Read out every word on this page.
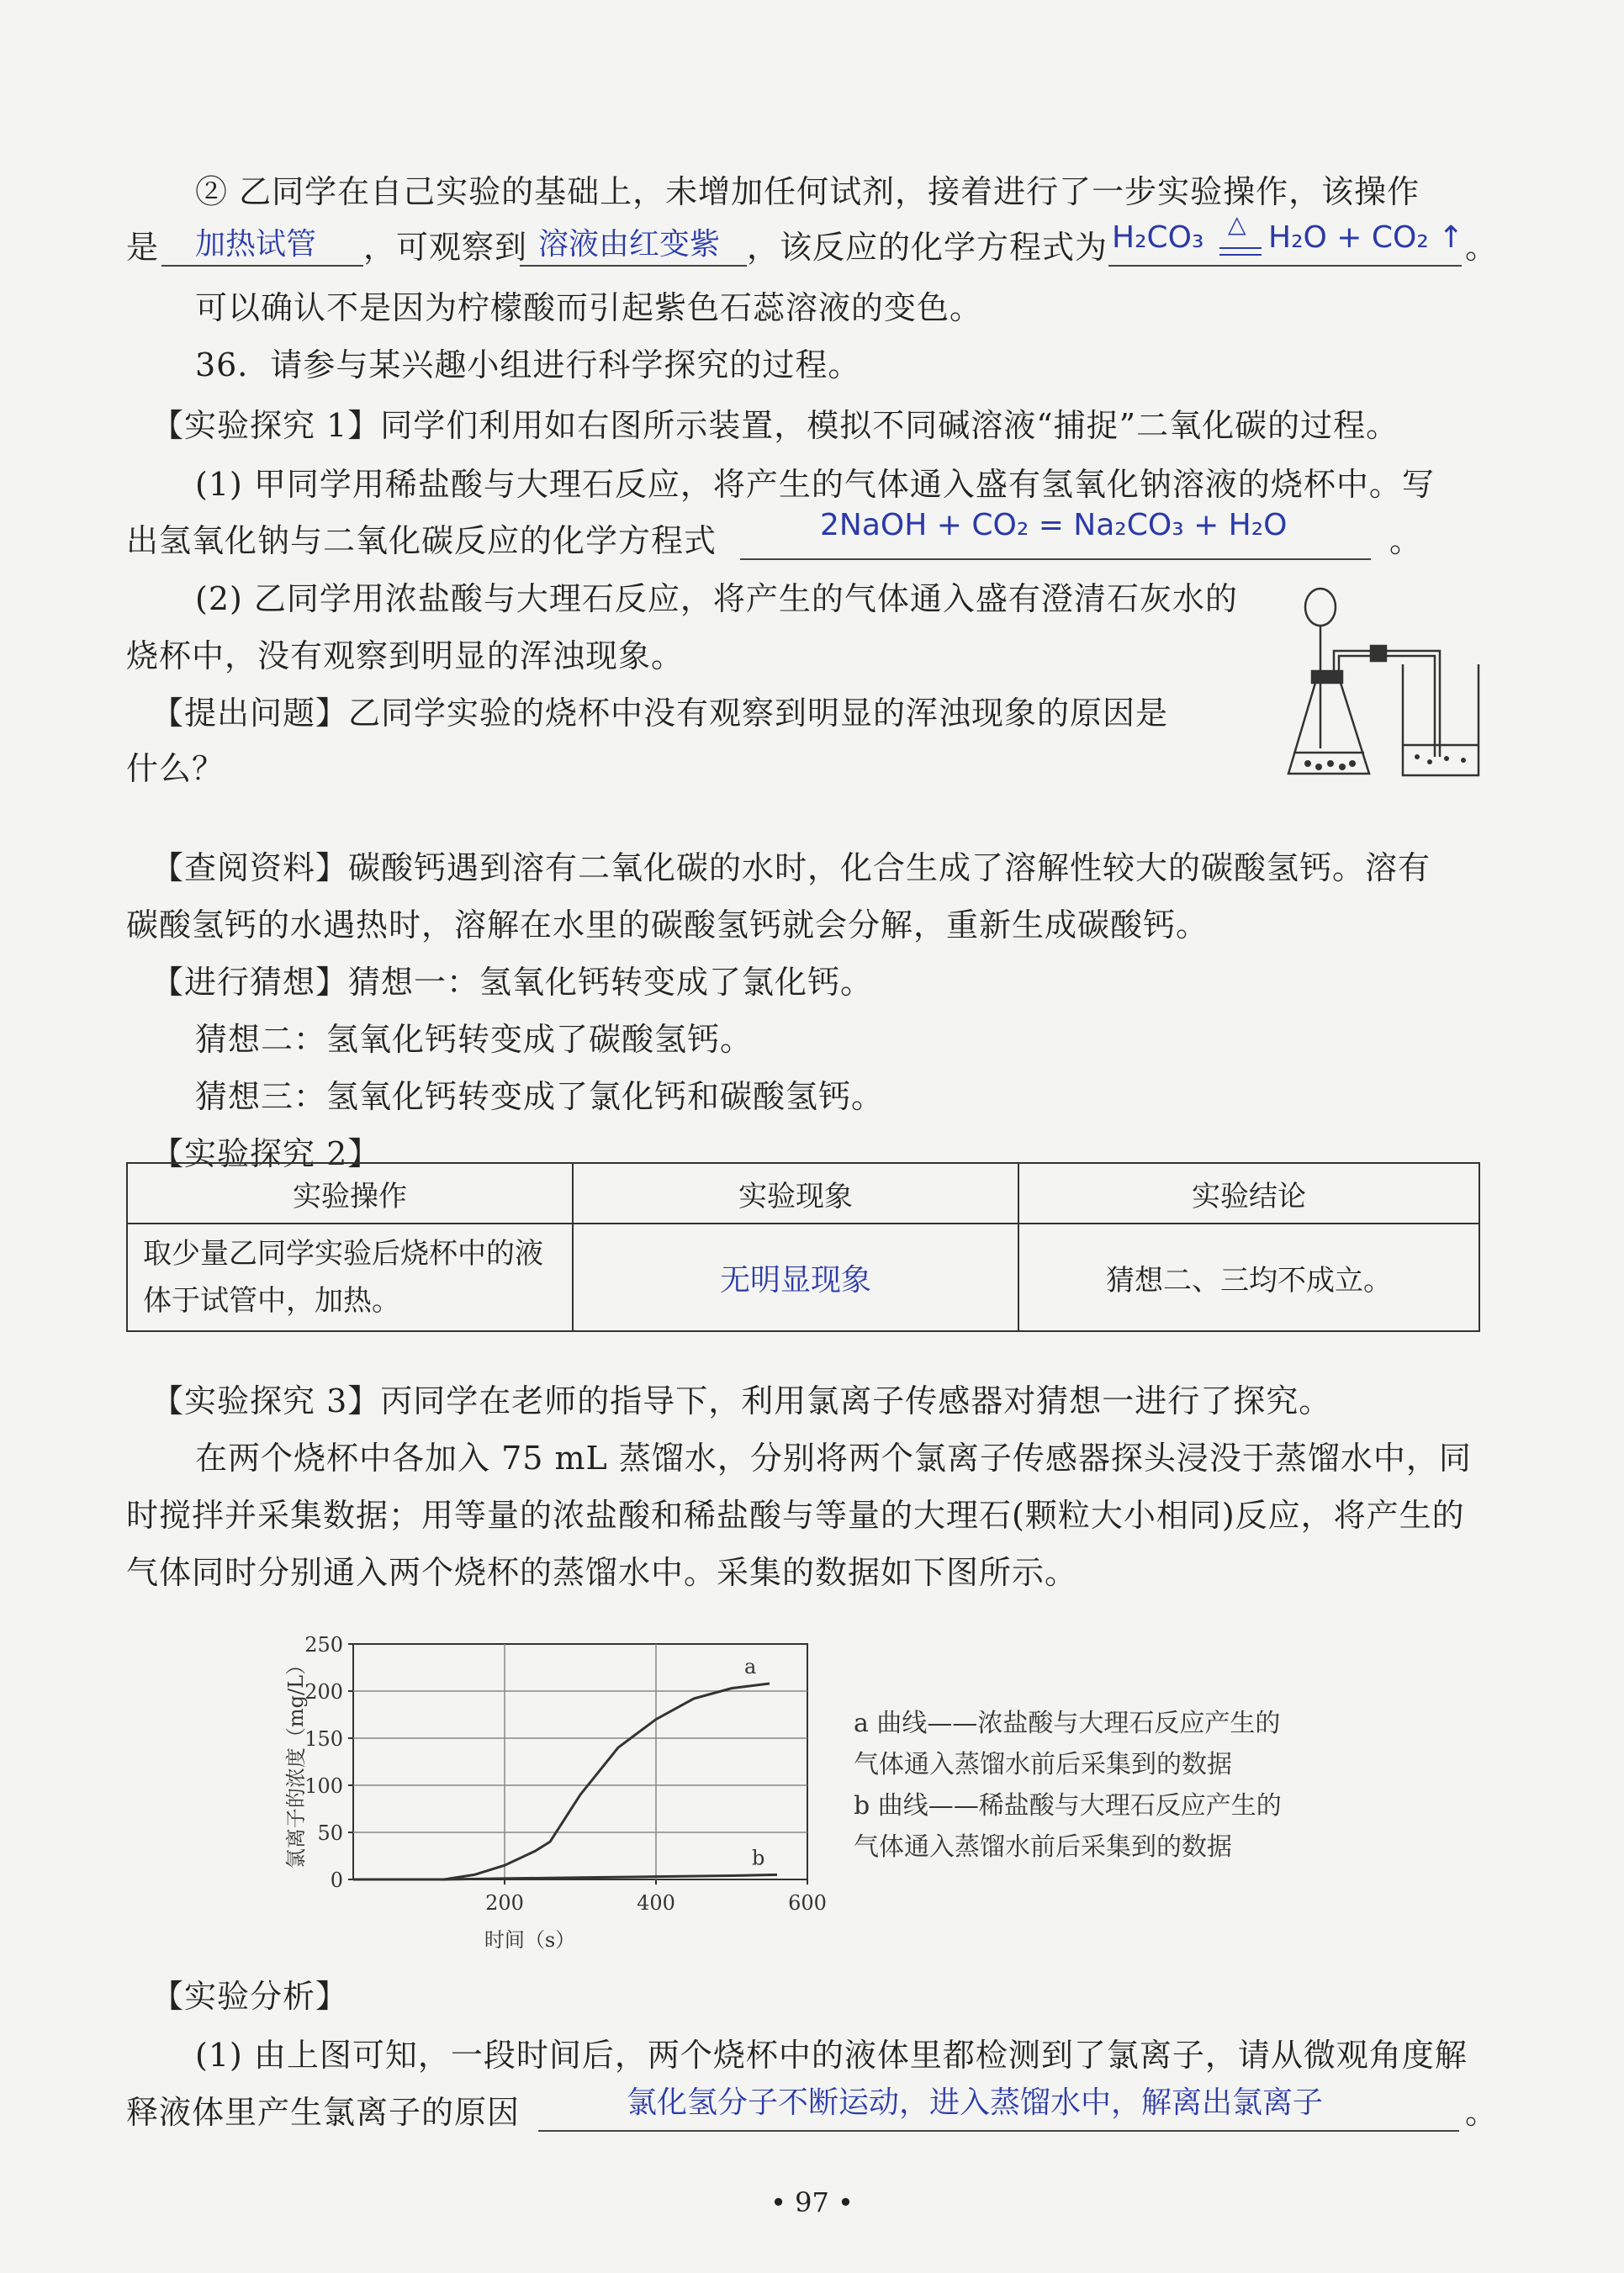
② 乙同学在自己实验的基础上，未增加任何试剂，接着进行了一步实验操作，该操作
是 加热试管 ，可观察到 溶液由红变紫 ，该反应的化学方程式为 H₂CO₃ △ H₂O + CO₂ ↑ 。
可以确认不是因为柠檬酸而引起紫色石蕊溶液的变色。
36．请参与某兴趣小组进行科学探究的过程。
【实验探究 1】同学们利用如右图所示装置，模拟不同碱溶液“捕捉”二氧化碳的过程。
(1) 甲同学用稀盐酸与大理石反应，将产生的气体通入盛有氢氧化钠溶液的烧杯中。写
出氢氧化钠与二氧化碳反应的化学方程式	2NaOH + CO₂ = Na₂CO₃ + H₂O	。
(2) 乙同学用浓盐酸与大理石反应，将产生的气体通入盛有澄清石灰水的
烧杯中，没有观察到明显的浑浊现象。
【提出问题】乙同学实验的烧杯中没有观察到明显的浑浊现象的原因是
什么？
【查阅资料】碳酸钙遇到溶有二氧化碳的水时，化合生成了溶解性较大的碳酸氢钙。溶有
碳酸氢钙的水遇热时，溶解在水里的碳酸氢钙就会分解，重新生成碳酸钙。
【进行猜想】猜想一：氢氧化钙转变成了氯化钙。
猜想二：氢氧化钙转变成了碳酸氢钙。
猜想三：氢氧化钙转变成了氯化钙和碳酸氢钙。
【实验探究 2】
实验操作	实验现象	实验结论

取少量乙同学实验后烧杯中的液
体于试管中，加热。	无明显现象	猜想二、三均不成立。
【实验探究 3】丙同学在老师的指导下，利用氯离子传感器对猜想一进行了探究。
在两个烧杯中各加入 75 mL 蒸馏水，分别将两个氯离子传感器探头浸没于蒸馏水中，同
时搅拌并采集数据；用等量的浓盐酸和稀盐酸与等量的大理石(颗粒大小相同)反应，将产生的
气体同时分别通入两个烧杯的蒸馏水中。采集的数据如下图所示。
0
50
100
150
200
250
200	400	600
时间（s）
氯离子的浓度（mg/L）	a
b
a 曲线——浓盐酸与大理石反应产生的
气体通入蒸馏水前后采集到的数据
b 曲线——稀盐酸与大理石反应产生的
气体通入蒸馏水前后采集到的数据
【实验分析】
(1) 由上图可知，一段时间后，两个烧杯中的液体里都检测到了氯离子，请从微观角度解
释液体里产生氯离子的原因	氯化氢分子不断运动，进入蒸馏水中，解离出氯离子	。
• 97 •
